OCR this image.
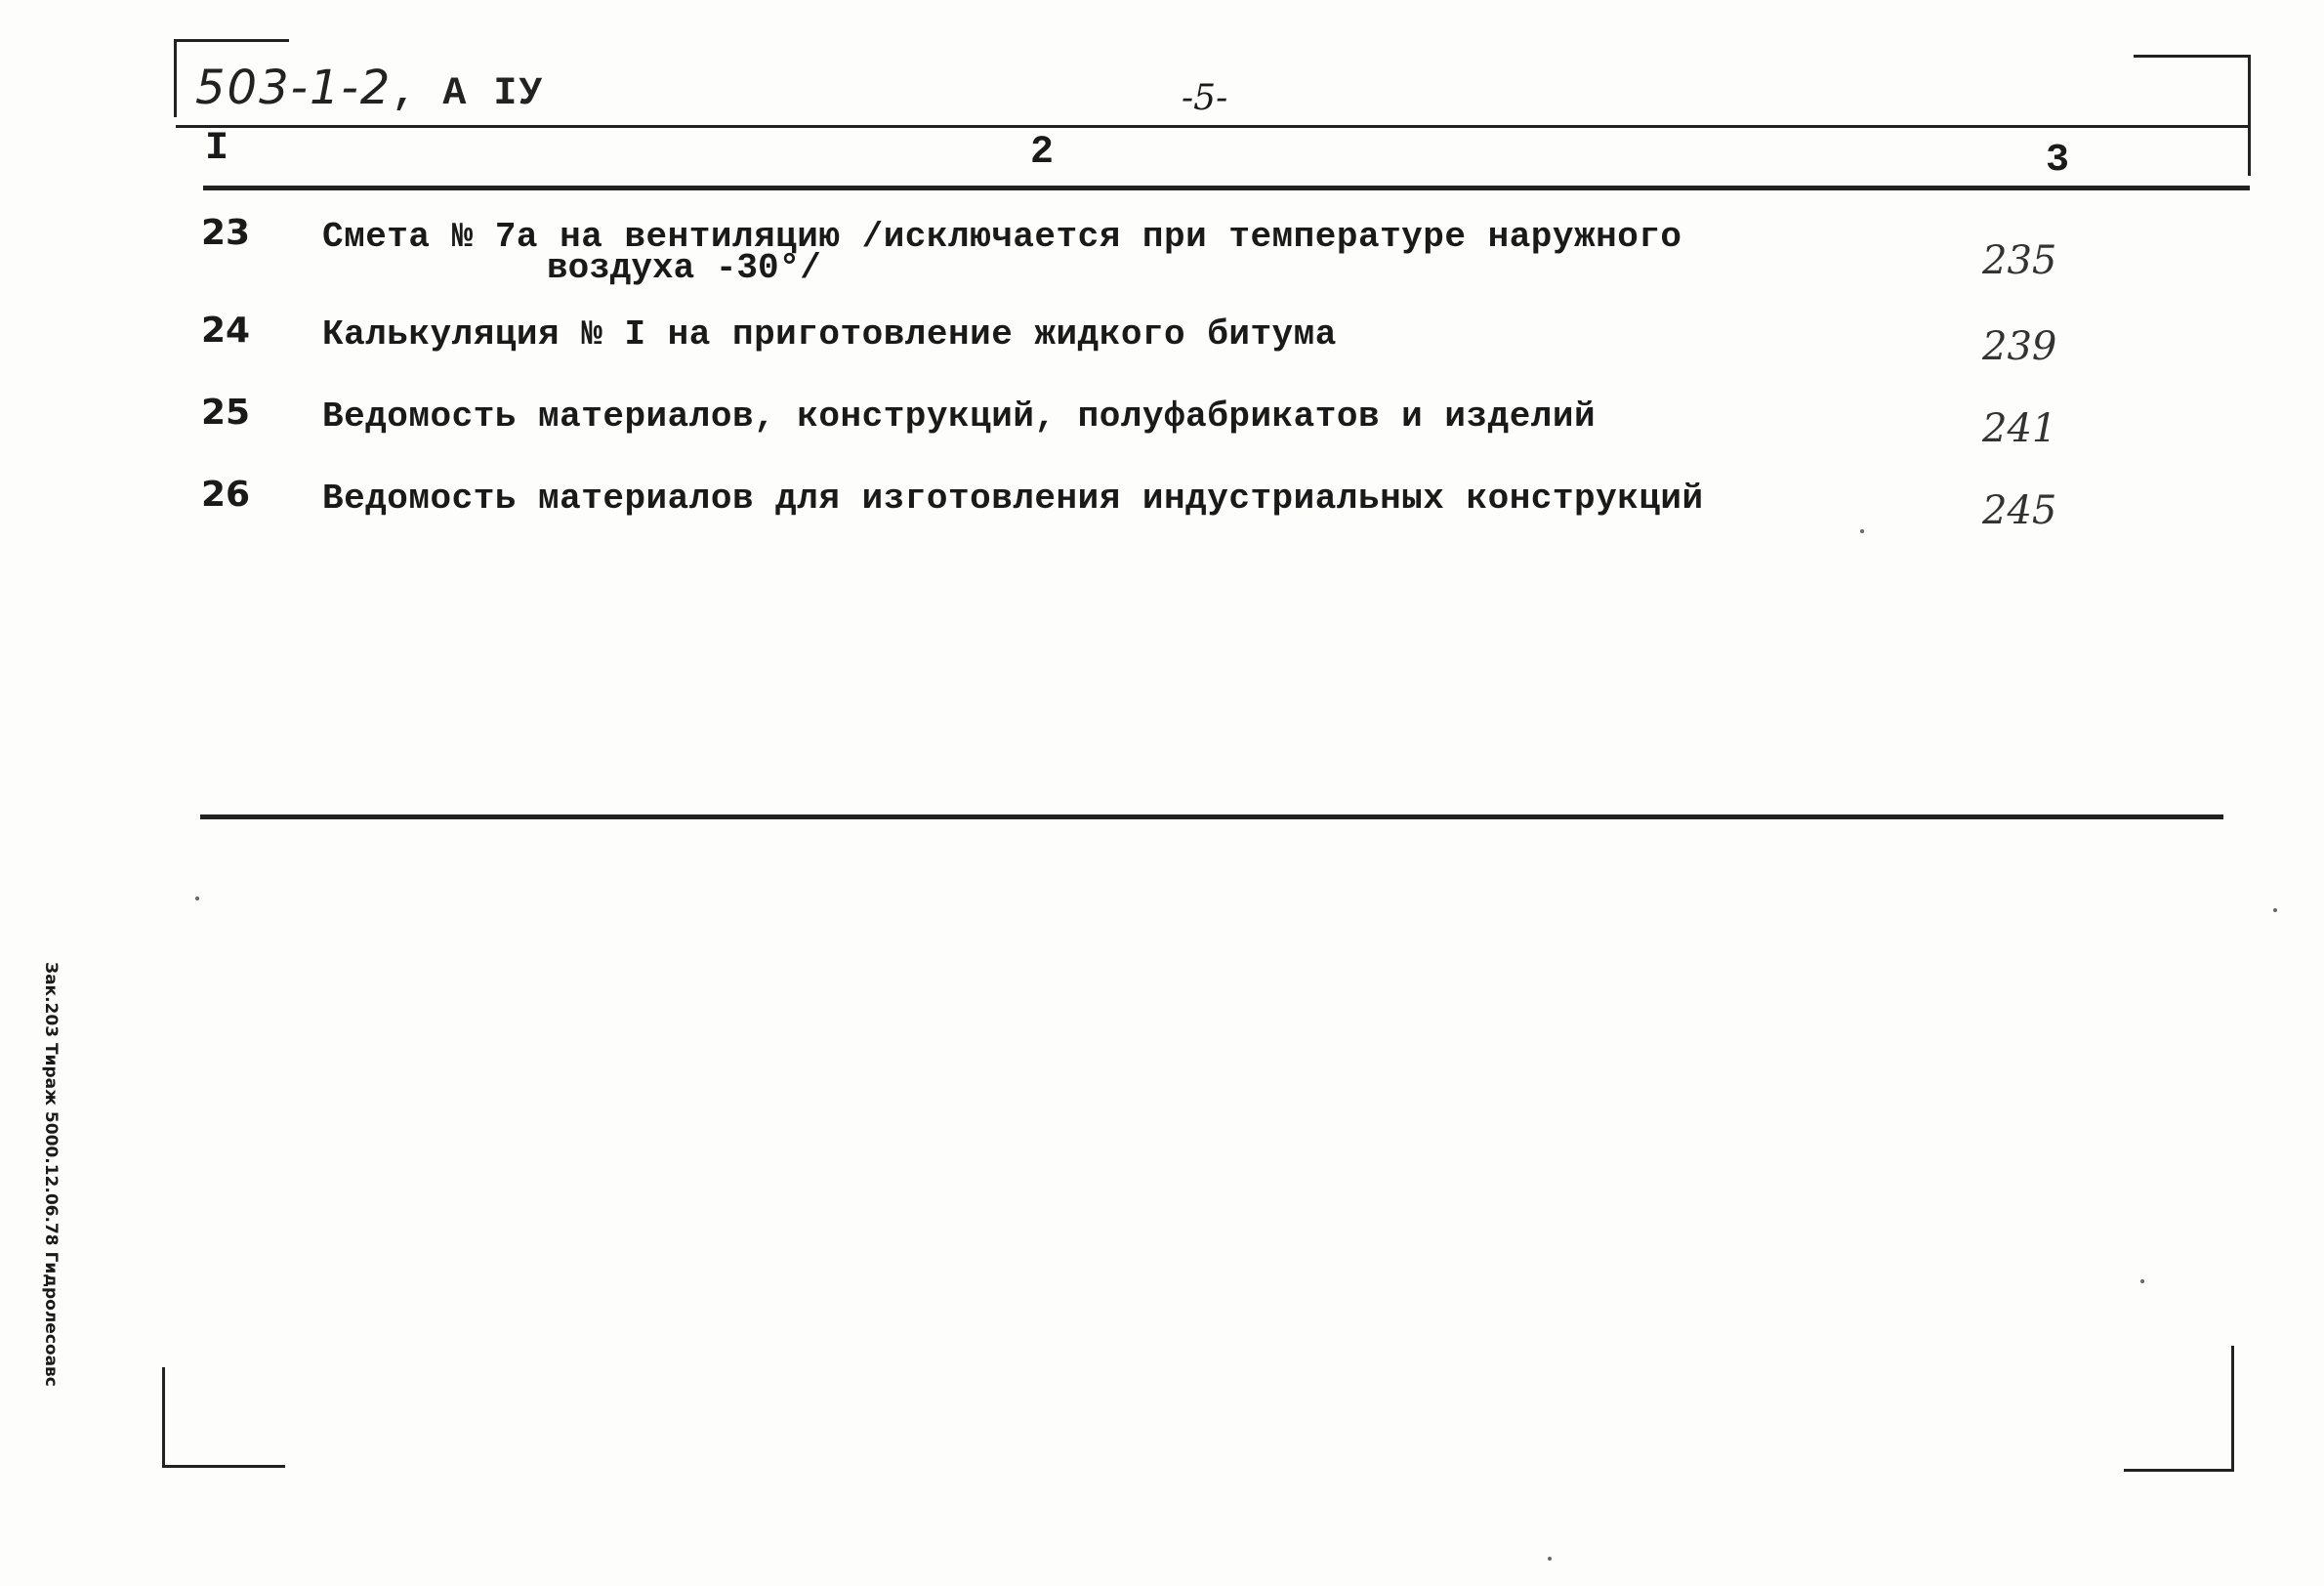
503-1-2, А IУ	-5-
I	2	3
23 Смета № 7а на вентиляцию /исключается при температуре наружного
воздуха -30°/	235
24 Калькуляция № I на приготовление жидкого битума	239
25 Ведомость материалов, конструкций, полуфабрикатов и изделий	241
26 Ведомость материалов для изготовления индустриальных конструкций	245
Зак.203 Тираж 5000.12.06.78 Гидролесоавс
